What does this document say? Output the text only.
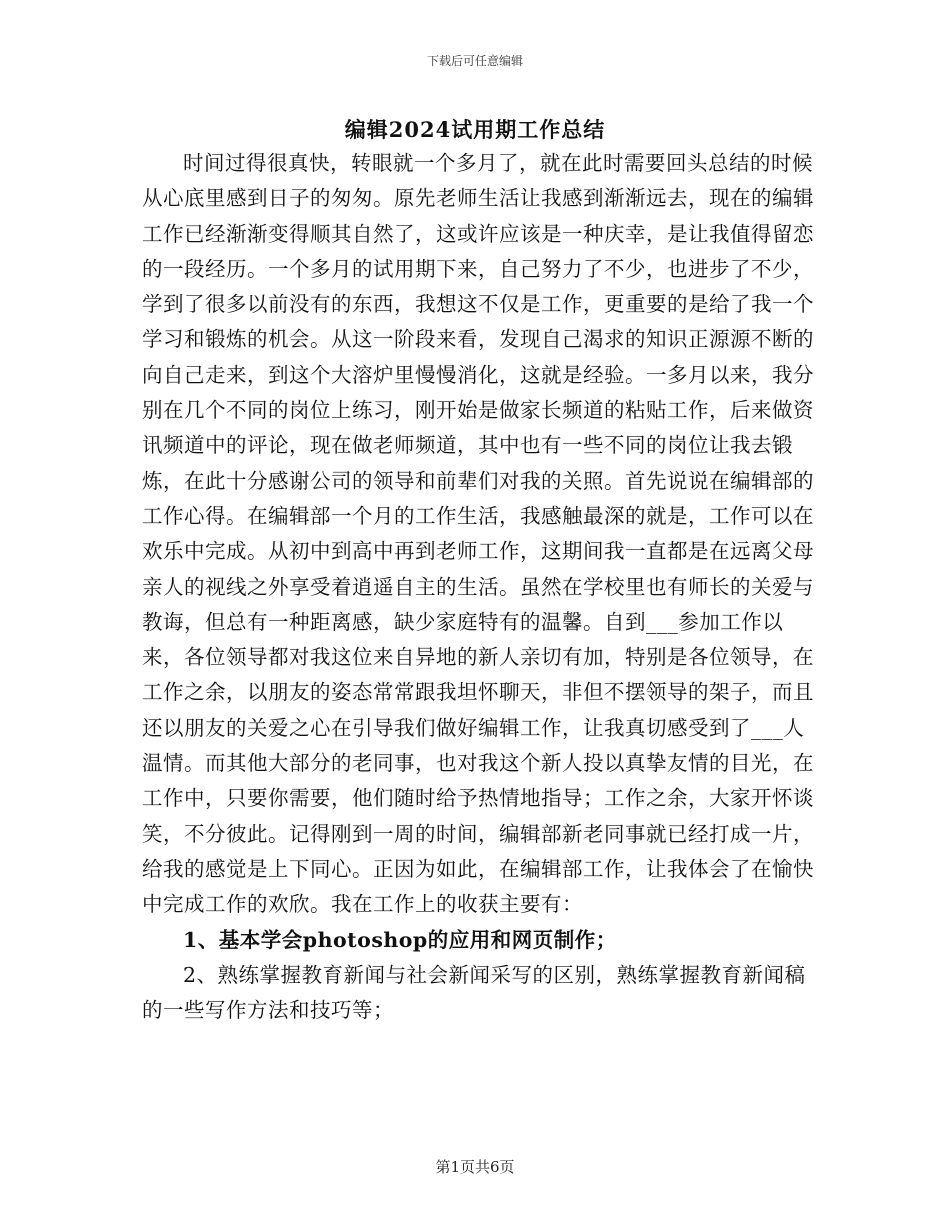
下载后可任意编辑
编辑2024试用期工作总结

时间过得很真快，转眼就一个多月了，就在此时需要回头总结的时候从心底里感到日子的匆匆。原先老师生活让我感到渐渐远去，现在的编辑工作已经渐渐变得顺其自然了，这或许应该是一种庆幸，是让我值得留恋的一段经历。一个多月的试用期下来，自己努力了不少，也进步了不少，学到了很多以前没有的东西，我想这不仅是工作，更重要的是给了我一个学习和锻炼的机会。从这一阶段来看，发现自己渴求的知识正源源不断的向自己走来，到这个大溶炉里慢慢消化，这就是经验。一多月以来，我分别在几个不同的岗位上练习，刚开始是做家长频道的粘贴工作，后来做资讯频道中的评论，现在做老师频道，其中也有一些不同的岗位让我去锻炼，在此十分感谢公司的领导和前辈们对我的关照。首先说说在编辑部的工作心得。在编辑部一个月的工作生活，我感触最深的就是，工作可以在欢乐中完成。从初中到高中再到老师工作，这期间我一直都是在远离父母亲人的视线之外享受着逍遥自主的生活。虽然在学校里也有师长的关爱与教诲，但总有一种距离感，缺少家庭特有的温馨。自到___参加工作以来，各位领导都对我这位来自异地的新人亲切有加，特别是各位领导，在工作之余，以朋友的姿态常常跟我坦怀聊天，非但不摆领导的架子，而且还以朋友的关爱之心在引导我们做好编辑工作，让我真切感受到了___人温情。而其他大部分的老同事，也对我这个新人投以真挚友情的目光，在工作中，只要你需要，他们随时给予热情地指导；工作之余，大家开怀谈笑，不分彼此。记得刚到一周的时间，编辑部新老同事就已经打成一片，给我的感觉是上下同心。正因为如此，在编辑部工作，让我体会了在愉快中完成工作的欢欣。我在工作上的收获主要有：

1、基本学会photoshop的应用和网页制作；

2、熟练掌握教育新闻与社会新闻采写的区别，熟练掌握教育新闻稿的一些写作方法和技巧等；

第1页共6页
